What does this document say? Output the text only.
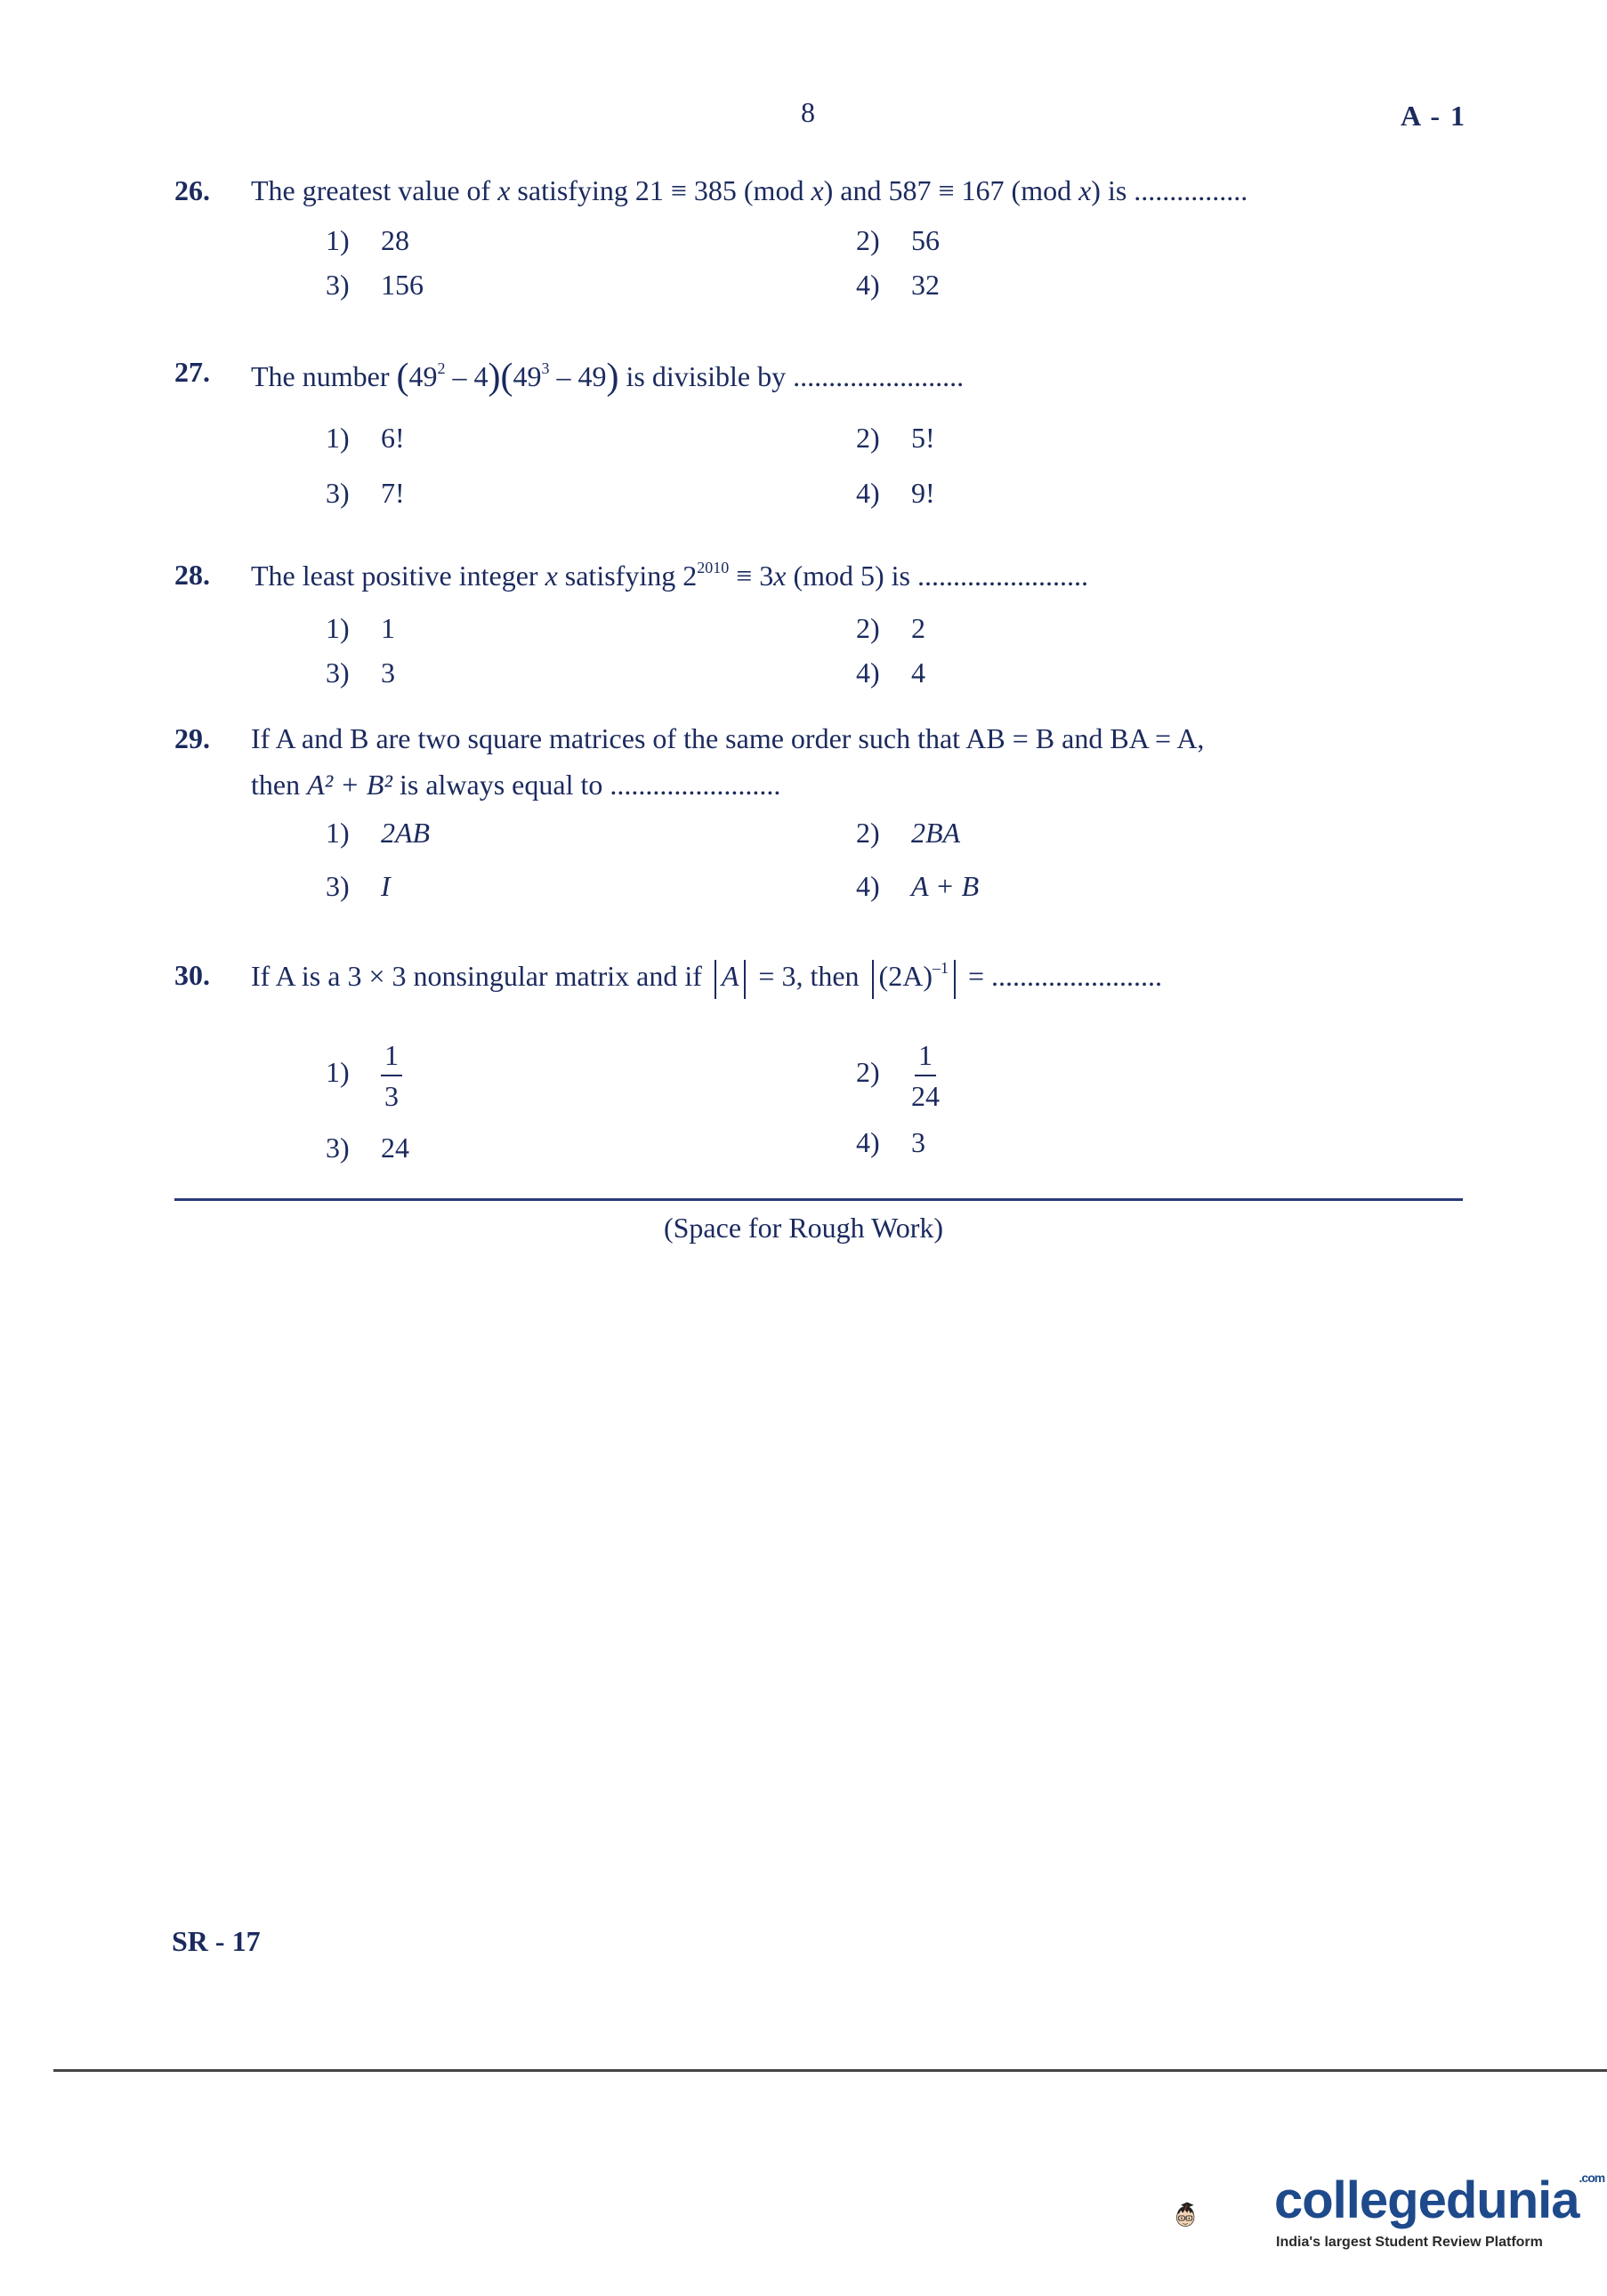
8	A - 1
26. The greatest value of x satisfying 21 ≡ 385 (mod x) and 587 ≡ 167 (mod x) is ................
1) 28	2) 56
3) 156	4) 32
27. The number $(49^2 - 4)(49^3 - 49)$ is divisible by ........................
1) 6!	2) 5!
3) 7!	4) 9!
28. The least positive integer x satisfying $2^{2010} \equiv 3x$ (mod 5) is ........................
1) 1	2) 2
3) 3	4) 4
29. If A and B are two square matrices of the same order such that AB = B and BA = A,
then A² + B² is always equal to ........................
1) 2AB	2) 2BA
3) I	4) A + B
30. If A is a 3 × 3 nonsingular matrix and if A = 3, then $(2A)^{-1}$ = ........................
$1) \frac{1}{3}$	$2) \frac{1}{24}$
3) 24	4) 3
(Space for Rough Work)
SR - 17
collegedunia$^{.com}$
India's largest Student Review Platform
